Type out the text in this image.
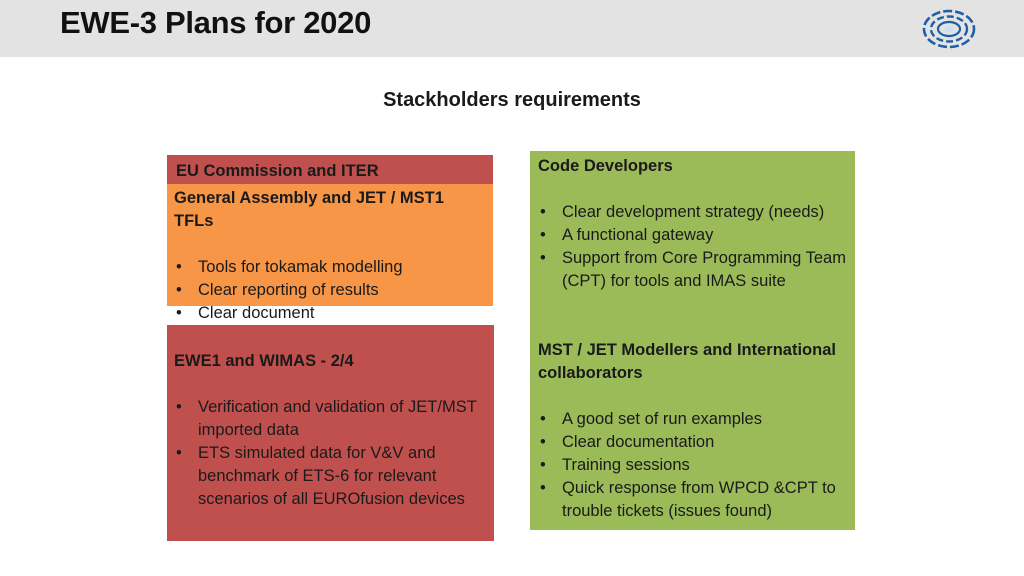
EWE-3 Plans for 2020
Stackholders requirements
EU Commission and ITER
General Assembly and JET / MST1 TFLs
• Tools for tokamak modelling
• Clear reporting of results
• Clear document
EWE1 and WIMAS - 2/4
• Verification and validation of JET/MST imported data
• ETS simulated data for V&V and benchmark of ETS-6 for relevant scenarios of all EUROfusion devices
Code Developers
• Clear development strategy (needs)
• A functional gateway
• Support from Core Programming Team (CPT) for tools and IMAS suite
MST / JET Modellers and International collaborators
• A good set of run examples
• Clear documentation
• Training sessions
• Quick response from WPCD &CPT to trouble tickets (issues found)
